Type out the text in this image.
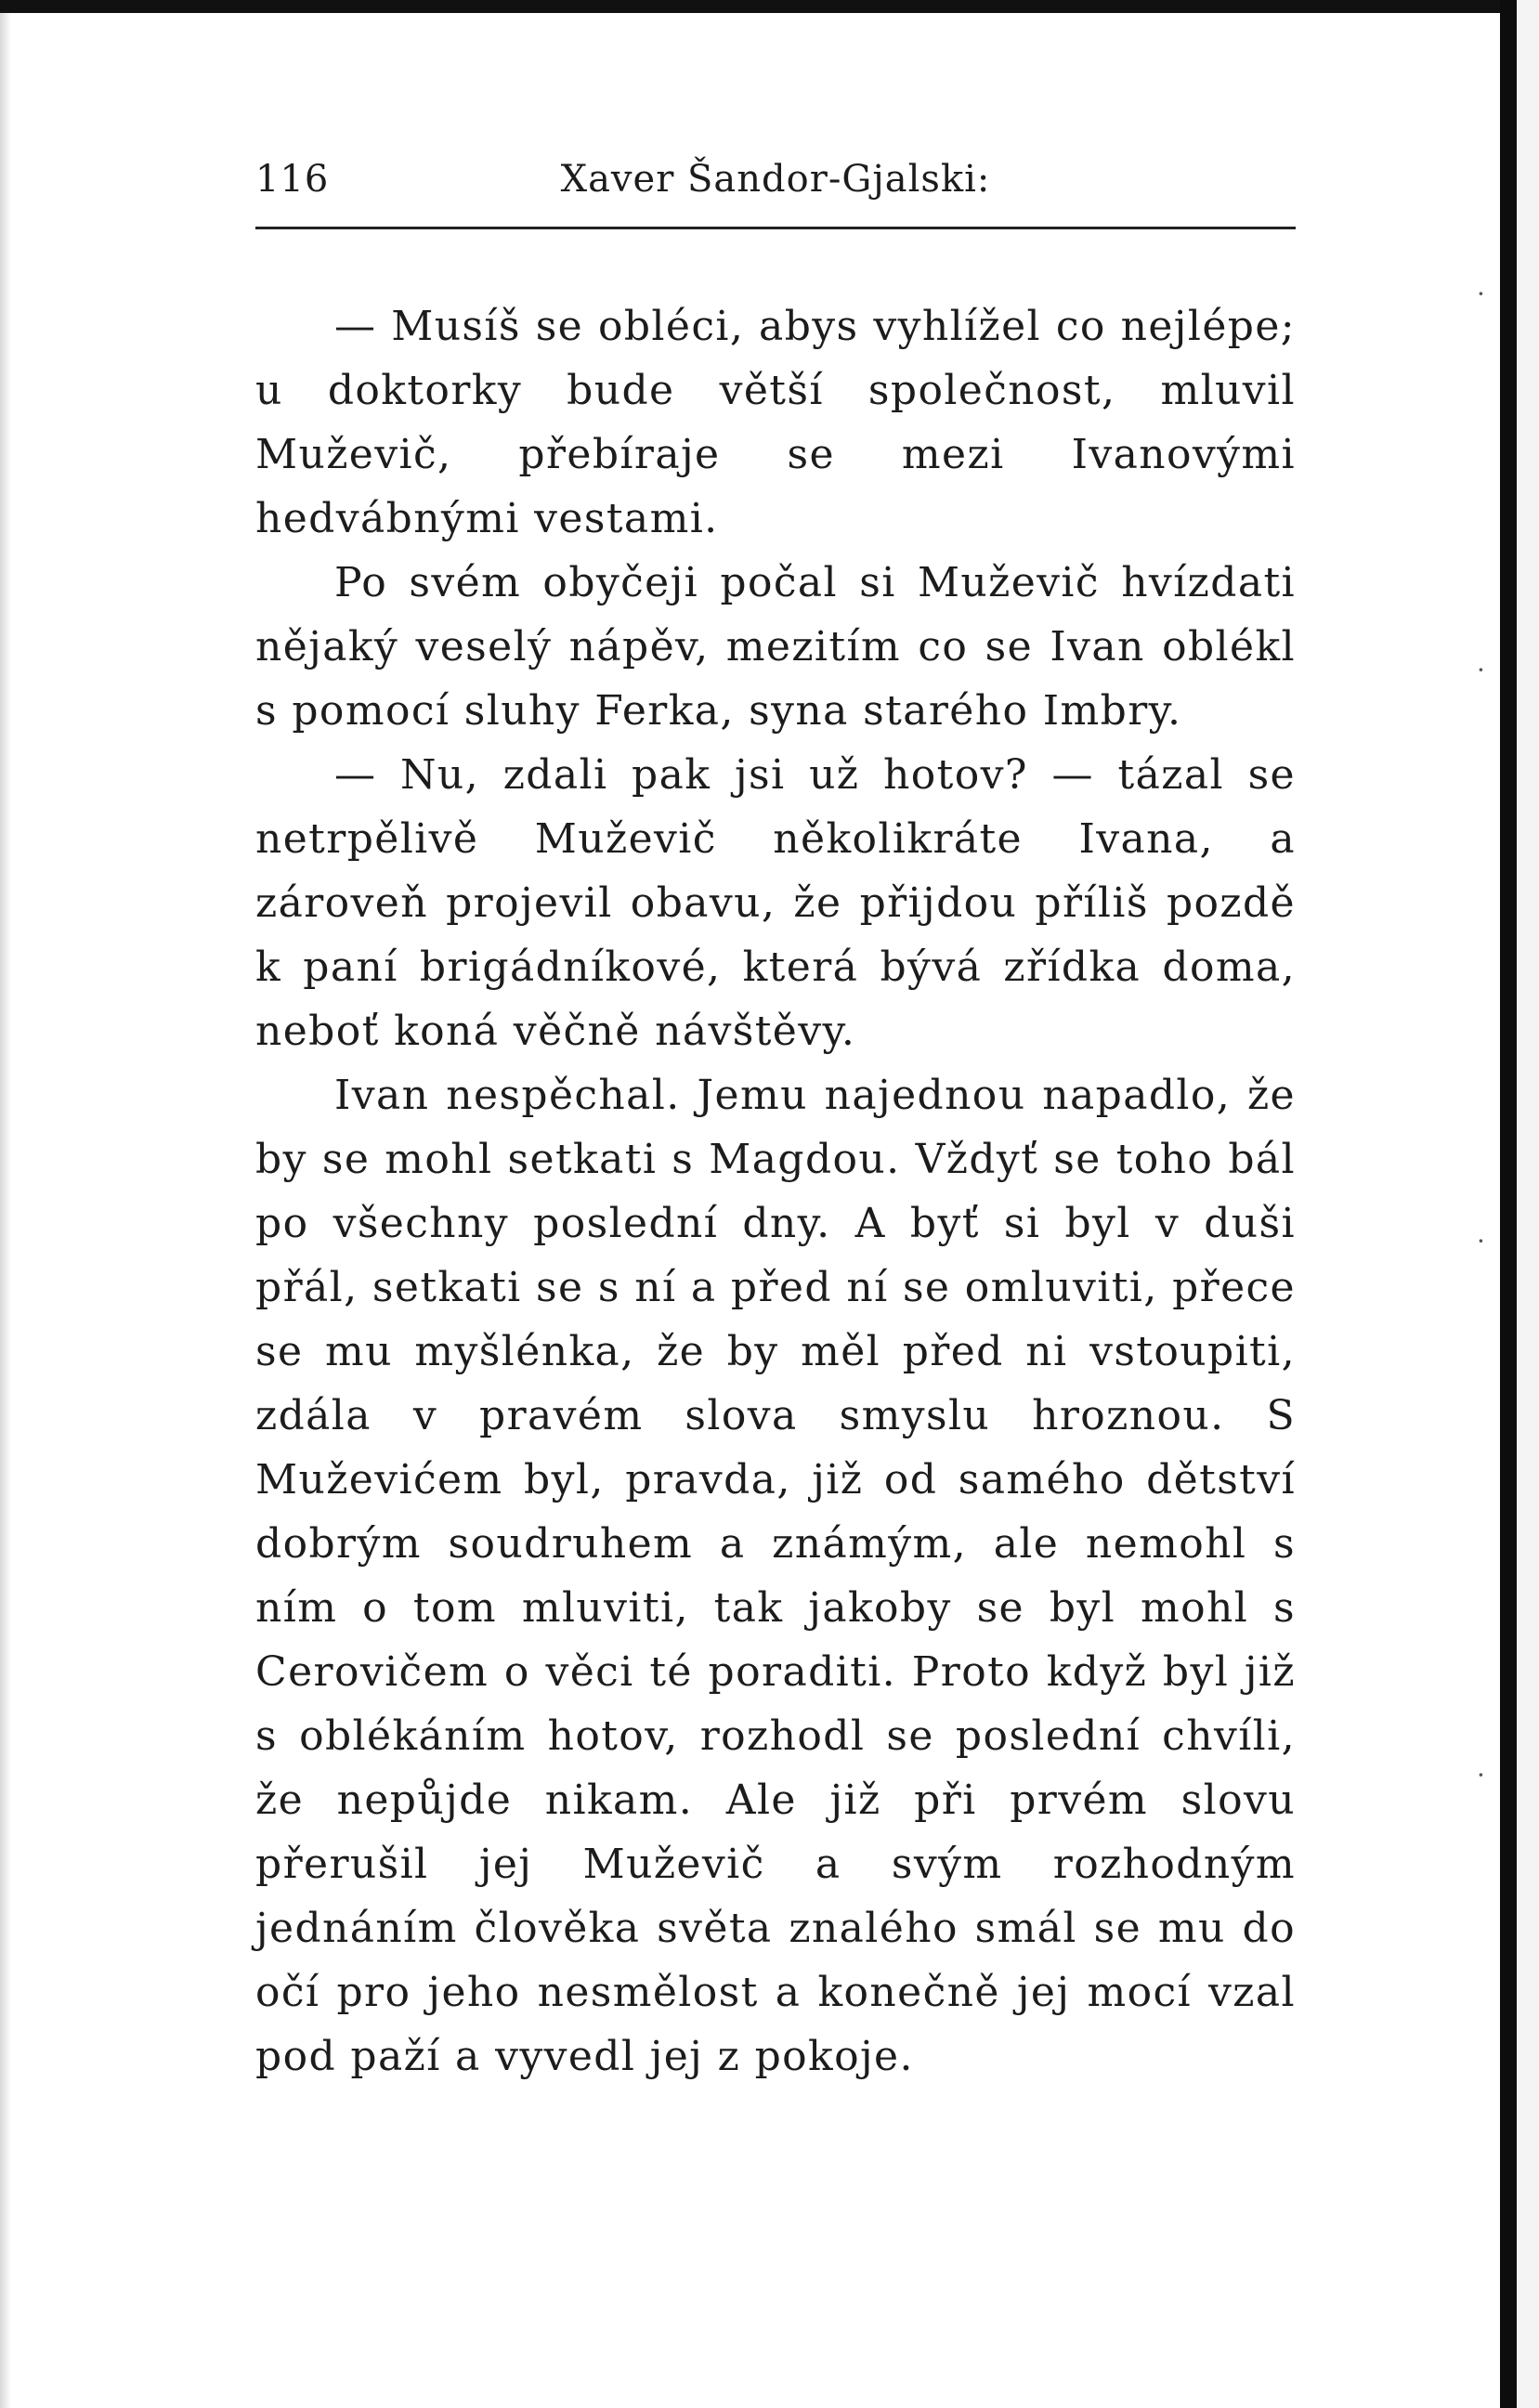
·
·
·
·
116	Xaver Šandor-Gjalski:

— Musíš se obléci, abys vyhlížel co nejlépe; u doktorky bude větší společnost, mluvil Muževič, přebíraje se mezi Ivanovými hedvábnými vestami.

Po svém obyčeji počal si Muževič hvízdati nějaký veselý nápěv, mezitím co se Ivan oblékl s pomocí sluhy Ferka, syna starého Imbry.

— Nu, zdali pak jsi už hotov? — tázal se netrpělivě Muževič několikráte Ivana, a zároveň projevil obavu, že přijdou příliš pozdě k paní brigádníkové, která bývá zřídka doma, neboť koná věčně návštěvy.

Ivan nespěchal. Jemu najednou napadlo, že by se mohl setkati s Magdou. Vždyť se toho bál po všechny poslední dny. A byť si byl v duši přál, setkati se s ní a před ní se omluviti, přece se mu myšlénka, že by měl před ni vstoupiti, zdála v pravém slova smyslu hroznou. S Muževićem byl, pravda, již od samého dětství dobrým soudruhem a známým, ale nemohl s ním o tom mluviti, tak jakoby se byl mohl s Cerovičem o věci té poraditi. Proto když byl již s oblékáním hotov, rozhodl se poslední chvíli, že nepůjde nikam. Ale již při prvém slovu přerušil jej Muževič a svým rozhodným jednáním člověka světa znalého smál se mu do očí pro jeho nesmělost a konečně jej mocí vzal pod paží a vyvedl jej z pokoje.
